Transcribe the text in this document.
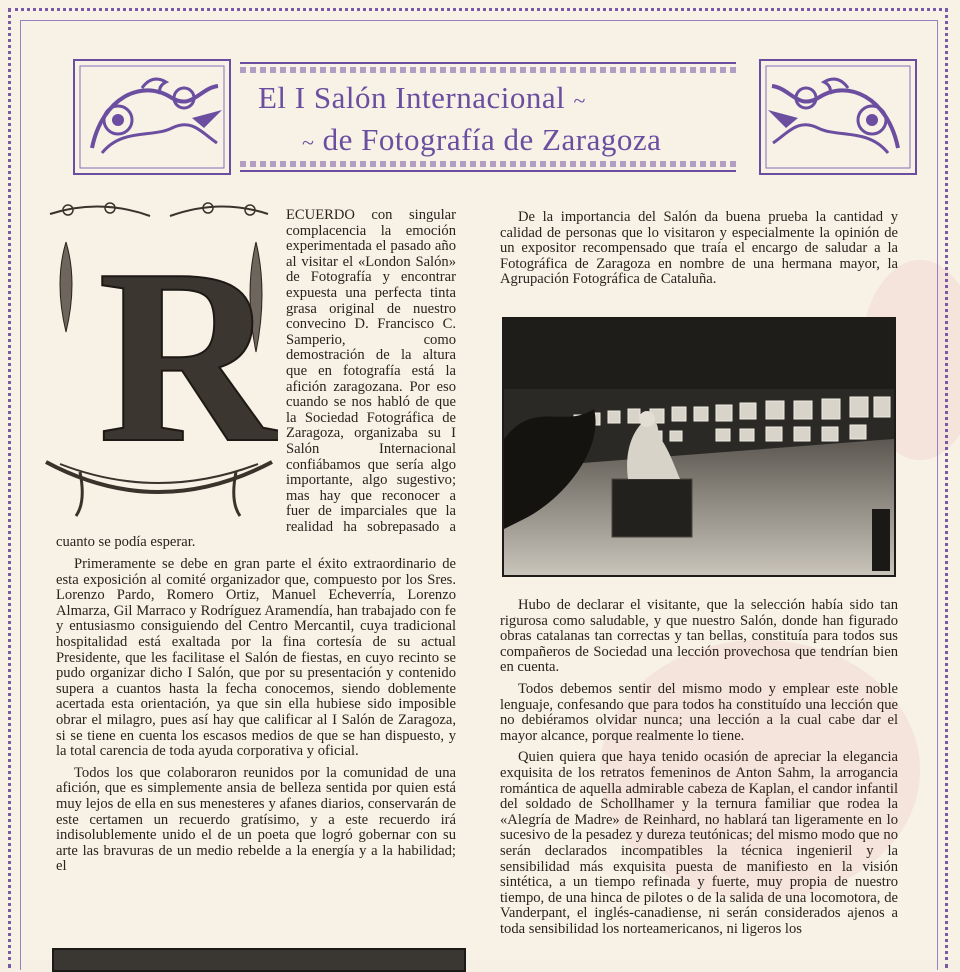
El I Salón Internacional ~
~ de Fotografía de Zaragoza
R

ECUERDO con singular complacencia la emoción experimentada el pasado año al visitar el «London Salón» de Fotografía y encontrar expuesta una perfecta tinta grasa original de nuestro convecino D. Francisco C. Samperio, como demostración de la altura que en fotografía está la afición zaragozana. Por eso cuando se nos habló de que la Sociedad Fotográfica de Zaragoza, organizaba su I Salón Internacional confiábamos que sería algo importante, algo sugestivo; mas hay que reconocer a fuer de imparciales que la realidad ha sobrepasado a cuanto se podía esperar.

Primeramente se debe en gran parte el éxito extraordinario de esta exposición al comité organizador que, compuesto por los Sres. Lorenzo Pardo, Romero Ortiz, Manuel Echeverría, Lorenzo Almarza, Gil Marraco y Rodríguez Aramendía, han trabajado con fe y entusiasmo consiguiendo del Centro Mercantil, cuya tradicional hospitalidad está exaltada por la fina cortesía de su actual Presidente, que les facilitase el Salón de fiestas, en cuyo recinto se pudo organizar dicho I Salón, que por su presentación y contenido supera a cuantos hasta la fecha conocemos, siendo doblemente acertada esta orientación, ya que sin ella hubiese sido imposible obrar el milagro, pues así hay que calificar al I Salón de Zaragoza, si se tiene en cuenta los escasos medios de que se han dispuesto, y la total carencia de toda ayuda corporativa y oficial.

Todos los que colaboraron reunidos por la comunidad de una afición, que es simplemente ansia de belleza sentida por quien está muy lejos de ella en sus menesteres y afanes diarios, conservarán de este certamen un recuerdo gratísimo, y a este recuerdo irá indisolublemente unido el de un poeta que logró gobernar con su arte las bravuras de un medio rebelde a la energía y a la habilidad; el

De la importancia del Salón da buena prueba la cantidad y calidad de personas que lo visitaron y especialmente la opinión de un expositor recompensado que traía el encargo de saludar a la Fotográfica de Zaragoza en nombre de una hermana mayor, la Agrupación Fotográfica de Cataluña.

Hubo de declarar el visitante, que la selección había sido tan rigurosa como saludable, y que nuestro Salón, donde han figurado obras catalanas tan correctas y tan bellas, constituía para todos sus compañeros de Sociedad una lección provechosa que tendrían bien en cuenta.

Todos debemos sentir del mismo modo y emplear este noble lenguaje, confesando que para todos ha constituído una lección que no debiéramos olvidar nunca; una lección a la cual cabe dar el mayor alcance, porque realmente lo tiene.

Quien quiera que haya tenido ocasión de apreciar la elegancia exquisita de los retratos femeninos de Anton Sahm, la arrogancia romántica de aquella admirable cabeza de Kaplan, el candor infantil del soldado de Schollhamer y la ternura familiar que rodea la «Alegría de Madre» de Reinhard, no hablará tan ligeramente en lo sucesivo de la pesadez y dureza teutónicas; del mismo modo que no serán declarados incompatibles la técnica ingenieril y la sensibilidad más exquisita puesta de manifiesto en la visión sintética, a un tiempo refinada y fuerte, muy propia de nuestro tiempo, de una hinca de pilotes o de la salida de una locomotora, de Vanderpant, el inglés-canadiense, ni serán considerados ajenos a toda sensibilidad los norteamericanos, ni ligeros los
